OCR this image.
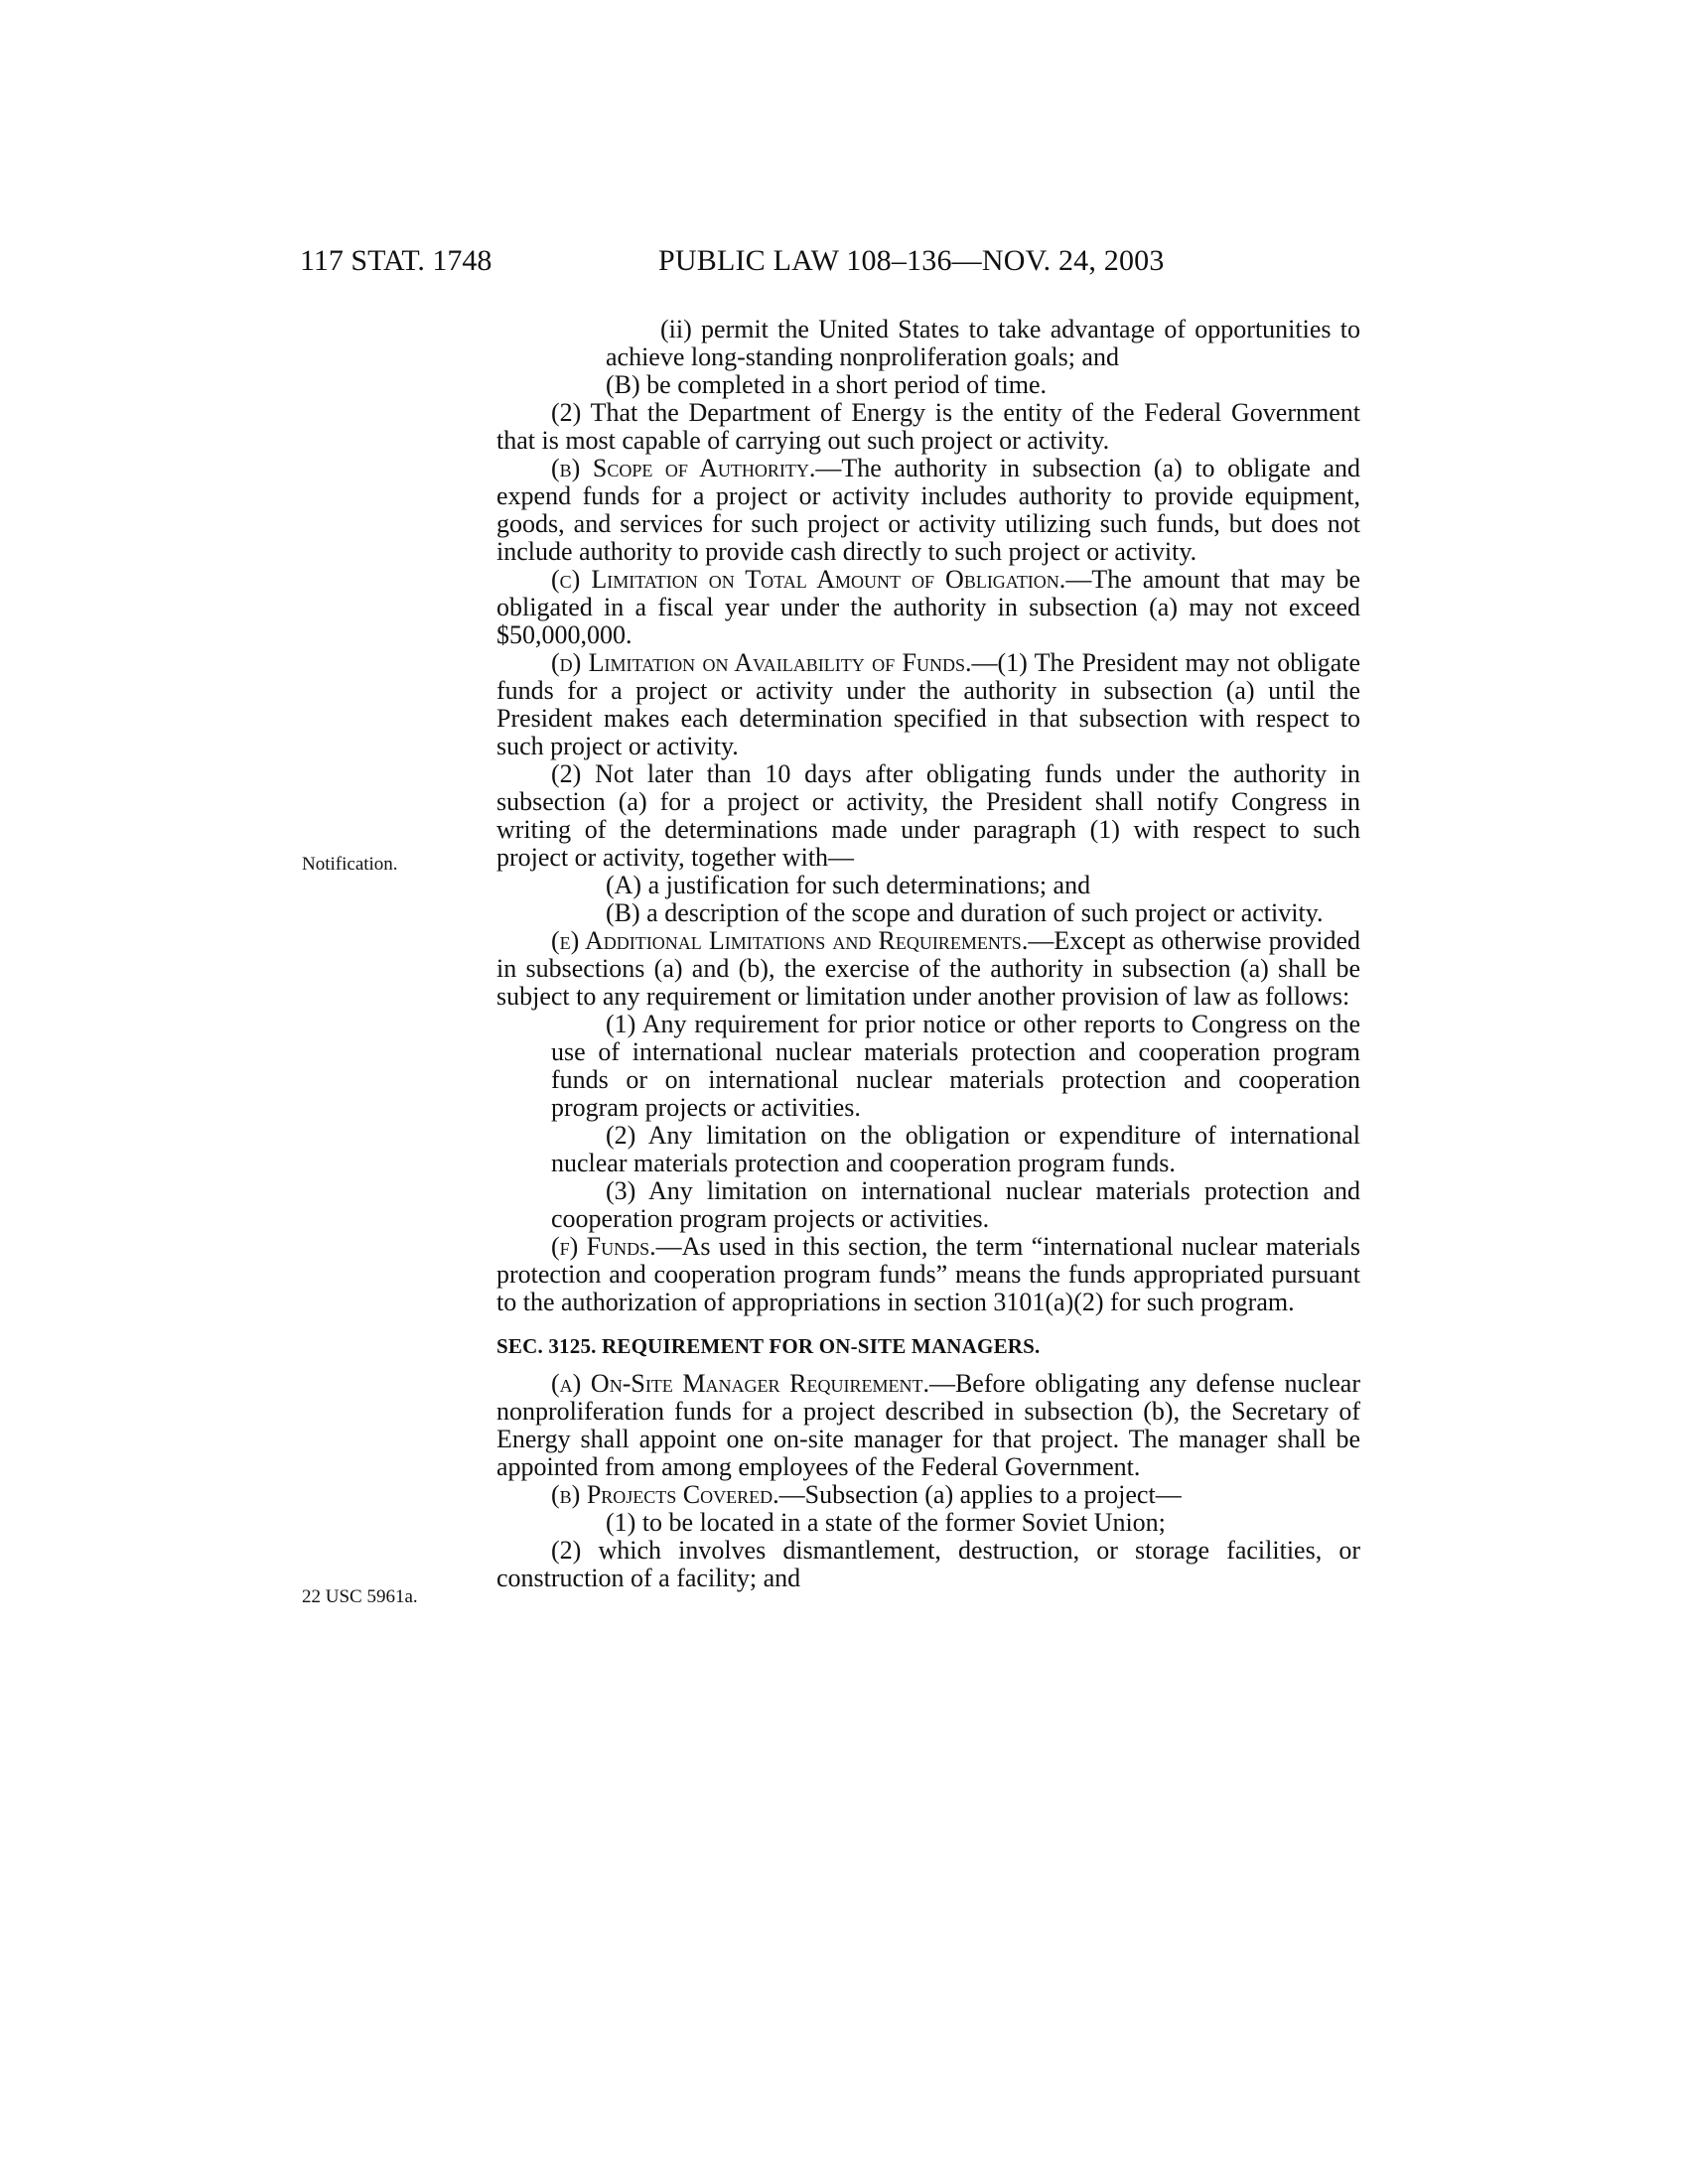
117 STAT. 1748	PUBLIC LAW 108–136—NOV. 24, 2003
Notification.
22 USC 5961a.

(ii) permit the United States to take advantage of opportunities to achieve long-standing nonproliferation goals; and

(B) be completed in a short period of time.

(2) That the Department of Energy is the entity of the Federal Government that is most capable of carrying out such project or activity.

(b) Scope of Authority.—The authority in subsection (a) to obligate and expend funds for a project or activity includes authority to provide equipment, goods, and services for such project or activity utilizing such funds, but does not include authority to provide cash directly to such project or activity.

(c) Limitation on Total Amount of Obligation.—The amount that may be obligated in a fiscal year under the authority in subsection (a) may not exceed $50,000,000.

(d) Limitation on Availability of Funds.—(1) The President may not obligate funds for a project or activity under the authority in subsection (a) until the President makes each determination specified in that subsection with respect to such project or activity.

(2) Not later than 10 days after obligating funds under the authority in subsection (a) for a project or activity, the President shall notify Congress in writing of the determinations made under paragraph (1) with respect to such project or activity, together with—

(A) a justification for such determinations; and

(B) a description of the scope and duration of such project or activity.

(e) Additional Limitations and Requirements.—Except as otherwise provided in subsections (a) and (b), the exercise of the authority in subsection (a) shall be subject to any requirement or limitation under another provision of law as follows:

(1) Any requirement for prior notice or other reports to Congress on the use of international nuclear materials protection and cooperation program funds or on international nuclear materials protection and cooperation program projects or activities.

(2) Any limitation on the obligation or expenditure of international nuclear materials protection and cooperation program funds.

(3) Any limitation on international nuclear materials protection and cooperation program projects or activities.

(f) Funds.—As used in this section, the term “international nuclear materials protection and cooperation program funds” means the funds appropriated pursuant to the authorization of appropriations in section 3101(a)(2) for such program.

SEC. 3125. REQUIREMENT FOR ON-SITE MANAGERS.

(a) On-Site Manager Requirement.—Before obligating any defense nuclear nonproliferation funds for a project described in subsection (b), the Secretary of Energy shall appoint one on-site manager for that project. The manager shall be appointed from among employees of the Federal Government.

(b) Projects Covered.—Subsection (a) applies to a project—

(1) to be located in a state of the former Soviet Union;

(2) which involves dismantlement, destruction, or storage facilities, or construction of a facility; and
